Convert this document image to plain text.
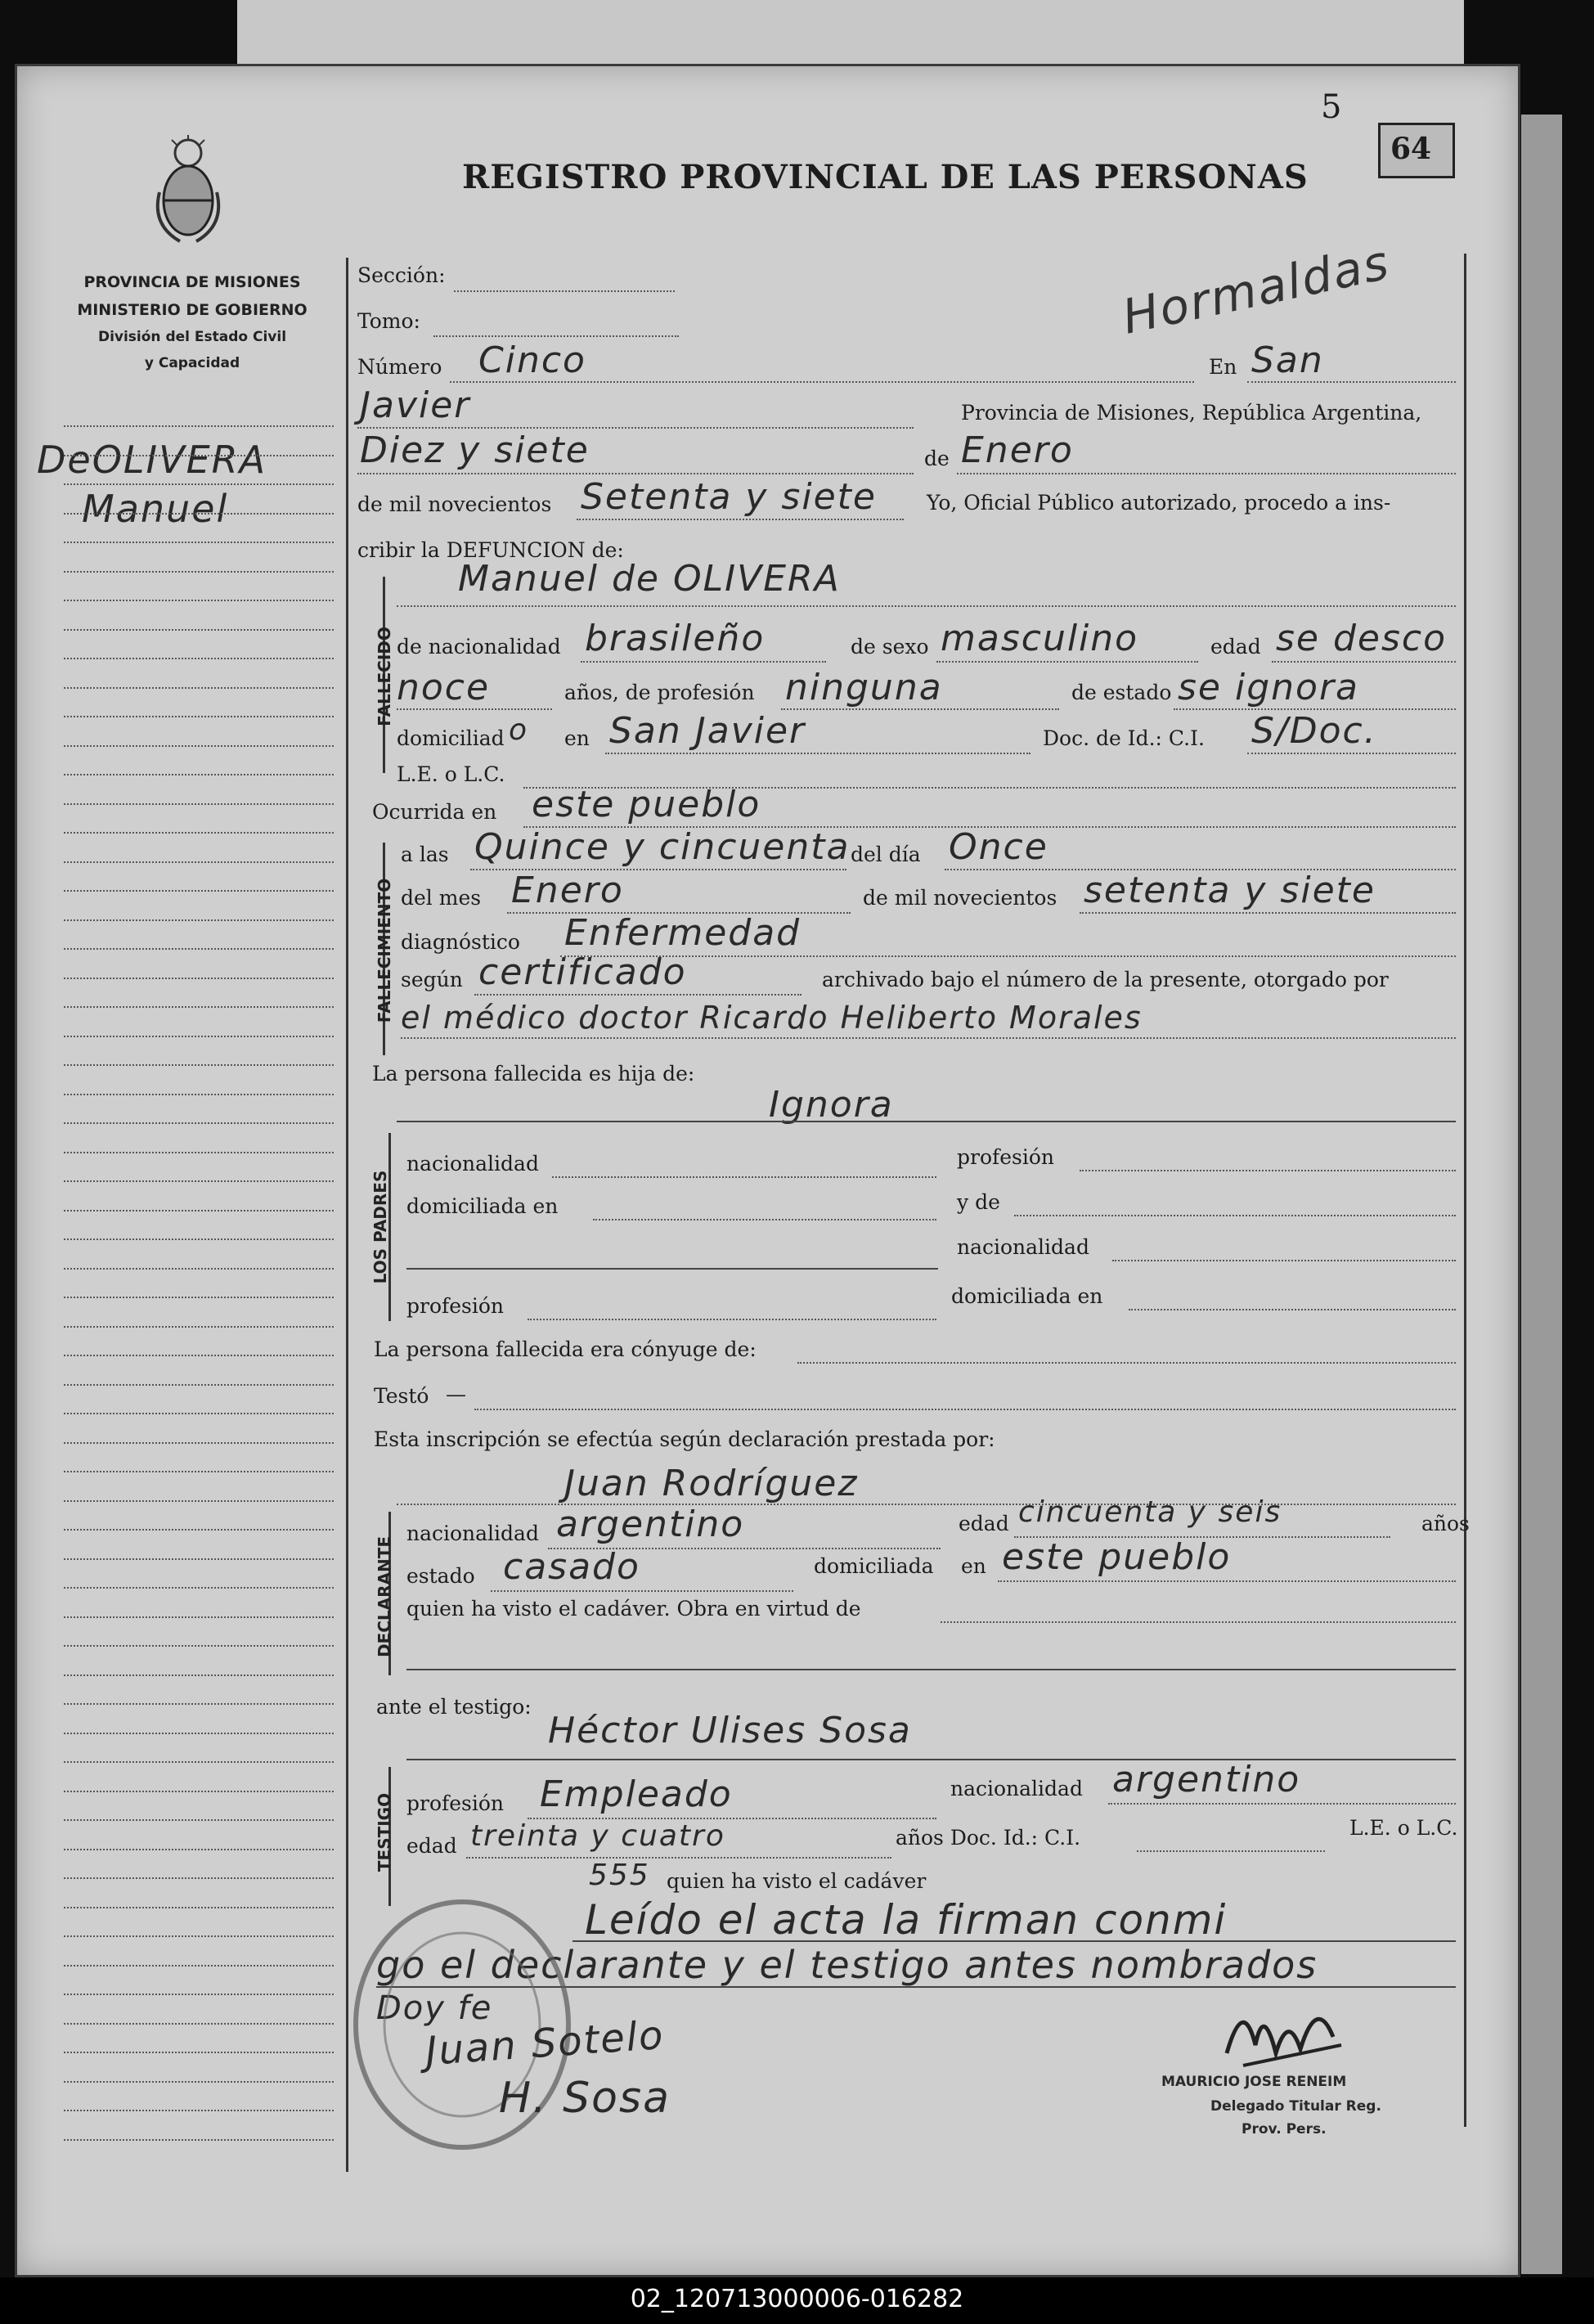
5
64
REGISTRO PROVINCIAL DE LAS PERSONAS
PROVINCIA DE MISIONES
MINISTERIO DE GOBIERNO
División del Estado Civil
y Capacidad
DeOLIVERA
Manuel
Hormaldas
Sección:
Tomo:
Número Cinco	En San
Javier	Provincia de Misiones, República Argentina,
Diez y siete	de Enero
de mil novecientos Setenta y siete Yo, Oficial Público autorizado, procedo a ins-
cribir la DEFUNCION de:
FALLECIDO
Manuel de OLIVERA
de nacionalidad brasileño	de sexo masculino	edad se desco
noce	años, de profesión ninguna	de estado se ignora
domiciliad o en San Javier	Doc. de Id.: C.I. S/Doc.
L.E. o L.C.
Ocurrida en este pueblo
FALLECIMIENTO
a las Quince y cincuenta del día Once
del mes Enero	de mil novecientos setenta y siete
diagnóstico Enfermedad
según certificado	archivado bajo el número de la presente, otorgado por
el médico doctor Ricardo Heliberto Morales
La persona fallecida es hija de:
Ignora
LOS PADRES
nacionalidad	profesión
domiciliada en	y de
nacionalidad
profesión	domiciliada en
La persona fallecida era cónyuge de:
Testó —
Esta inscripción se efectúa según declaración prestada por:
Juan Rodríguez
DECLARANTE
nacionalidad argentino	edad cincuenta y seis	años
estado casado	domiciliada en este pueblo
quien ha visto el cadáver. Obra en virtud de
ante el testigo:
Héctor Ulises Sosa
TESTIGO profesión Empleado	nacionalidad argentino
edad treinta y cuatro	años Doc. Id.: C.I.	L.E. o L.C.
555 quien ha visto el cadáver
Leído el acta la firman conmi
go el declarante y el testigo antes nombrados
Doy fe
Juan Sotelo
H. Sosa	MAURICIO JOSE RENEIM
Delegado Titular Reg.
Prov. Pers.
02_120713000006-016282
